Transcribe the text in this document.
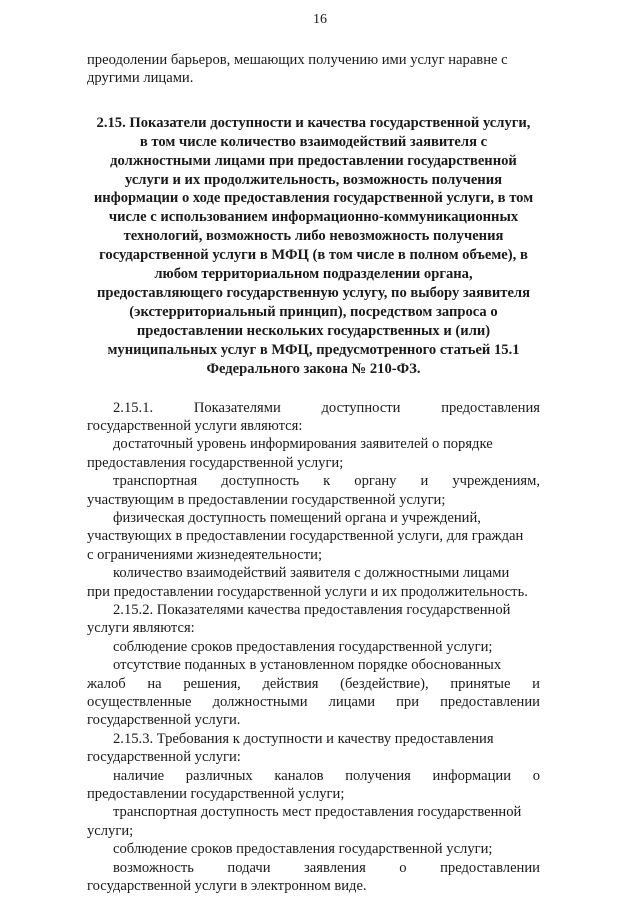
16

преодолении барьеров, мешающих получению ими услуг наравне с

другими лицами.

2.15. Показатели доступности и качества государственной услуги,
в том числе количество взаимодействий заявителя с
должностными лицами при предоставлении государственной
услуги и их продолжительность, возможность получения
информации о ходе предоставления государственной услуги, в том
числе с использованием информационно-коммуникационных
технологий, возможность либо невозможность получения
государственной услуги в МФЦ (в том числе в полном объеме), в
любом территориальном подразделении органа,
предоставляющего государственную услугу, по выбору заявителя
(экстерриториальный принцип), посредством запроса о
предоставлении нескольких государственных и (или)
муниципальных услуг в МФЦ, предусмотренного статьей 15.1
Федерального закона № 210-ФЗ.
2.15.1.	Показателями	доступности	предоставления

государственной услуги являются:

достаточный уровень информирования заявителей о порядке

предоставления государственной услуги;

транспортная доступность к органу и учреждениям,

участвующим в предоставлении государственной услуги;

физическая доступность помещений органа и учреждений,

участвующих в предоставлении государственной услуги, для граждан

с ограничениями жизнедеятельности;

количество взаимодействий заявителя с должностными лицами

при предоставлении государственной услуги и их продолжительность.

2.15.2. Показателями качества предоставления государственной

услуги являются:

соблюдение сроков предоставления государственной услуги;

отсутствие поданных в установленном порядке обоснованных

жалоб на решения, действия (бездействие), принятые и
осуществленные должностными лицами при предоставлении

государственной услуги.

2.15.3. Требования к доступности и качеству предоставления

государственной услуги:

наличие различных каналов получения информации о

предоставлении государственной услуги;

транспортная доступность мест предоставления государственной

услуги;

соблюдение сроков предоставления государственной услуги;

возможность подачи заявления о предоставлении

государственной услуги в электронном виде.
